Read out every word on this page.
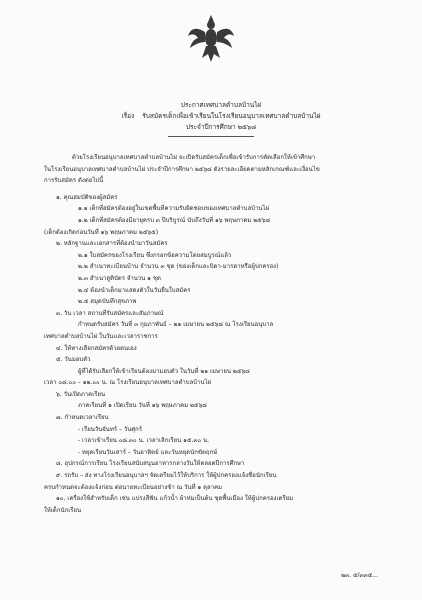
ประกาศเทศบาลตำบลบ้านไผ่
เรื่อง รับสมัครเด็กเพื่อเข้าเรียนในโรงเรียนอนุบาลเทศบาลตำบลบ้านไผ่
ประจำปีการศึกษา ๒๕๖๘

ด้วยโรงเรียนอนุบาลเทศบาลตำบลบ้านไผ่ จะเปิดรับสมัครเด็กเพื่อเข้ารับการคัดเลือกให้เข้าศึกษา

ในโรงเรียนอนุบาลเทศบาลตำบลบ้านไผ่ ประจำปีการศึกษา ๒๕๖๘ ดังรายละเอียดตามหลักเกณฑ์และเงื่อนไข

การรับสมัคร ดังต่อไปนี้

๑. คุณสมบัติของผู้สมัคร

๑.๑ เด็กที่สมัครต้องอยู่ในเขตพื้นที่ความรับผิดชอบของเทศบาลตำบลบ้านไผ่

๑.๒ เด็กที่สมัครต้องมีอายุครบ ๓ ปีบริบูรณ์ นับถึงวันที่ ๑๖ พฤษภาคม ๒๕๖๘

(เด็กต้องเกิดก่อนวันที่ ๑๖ พฤษภาคม ๒๕๖๕)

๒. หลักฐานและเอกสารที่ต้องนำมาวันสมัคร

๒.๑ ใบสมัครของโรงเรียน ซึ่งกรอกข้อความโดยสมบูรณ์แล้ว

๒.๒ สำเนาทะเบียนบ้าน จำนวน ๓ ชุด (ของเด็กและบิดา-มารดาหรือผู้ปกครอง)

๒.๓ สำเนาสูติบัตร จำนวน ๑ ชุด

๒.๔ ต้องนำเด็กมาแสดงตัวในวันยื่นใบสมัคร

๒.๕ สมุดบันทึกสุขภาพ

๓. วัน เวลา สถานที่รับสมัครและสัมภาษณ์

กำหนดรับสมัคร วันที่ ๓ กุมภาพันธ์ – ๒๑ เมษายน ๒๕๖๘ ณ โรงเรียนอนุบาล

เทศบาลตำบลบ้านไผ่ ในวันและเวลาราชการ

๔. ให้ทางเลือกสมัครด้วยตนเอง

๕. วันมอบตัว

ผู้ที่ได้รับเลือกให้เข้าเรียนต้องมามอบตัว ในวันที่ ๒๑ เมษายน ๒๕๖๘

เวลา ๐๘.๐๐ – ๑๒.๐๐ น. ณ โรงเรียนอนุบาลเทศบาลตำบลบ้านไผ่

๖. วันเปิดภาคเรียน

ภาคเรียนที่ ๑ เปิดเรียน วันที่ ๑๖ พฤษภาคม ๒๕๖๘

๗. กำหนดเวลาเรียน

- เรียนวันจันทร์ – วันศุกร์

- เวลาเข้าเรียน ๐๘.๓๐ น. เวลาเลิกเรียน ๑๕.๓๐ น.

- หยุดเรียนวันเสาร์ – วันอาทิตย์ และวันหยุดนักขัตฤกษ์

๘. อุปกรณ์การเรียน โรงเรียนสนับสนุนอาหารกลางวันให้ตลอดปีการศึกษา

๙. รถรับ – ส่ง ทางโรงเรียนอนุบาลฯ จัดเตรียมไว้ให้บริการ ให้ผู้ปกครองแจ้งชื่อนักเรียน

ครบกำหนดจะต้องแจ้งก่อน ต่อนายทะเบียนอย่างช้า ณ วันที่ ๑ ตุลาคม

๑๐. เครื่องใช้สำหรับเด็ก เช่น แปรงสีฟัน แก้วน้ำ ผ้าห่มเป็นต้น ชุดพื้นเมือง ให้ผู้ปกครองเตรียม

ให้เด็กนักเรียน

๒๓. ๕/๓๓๕...
